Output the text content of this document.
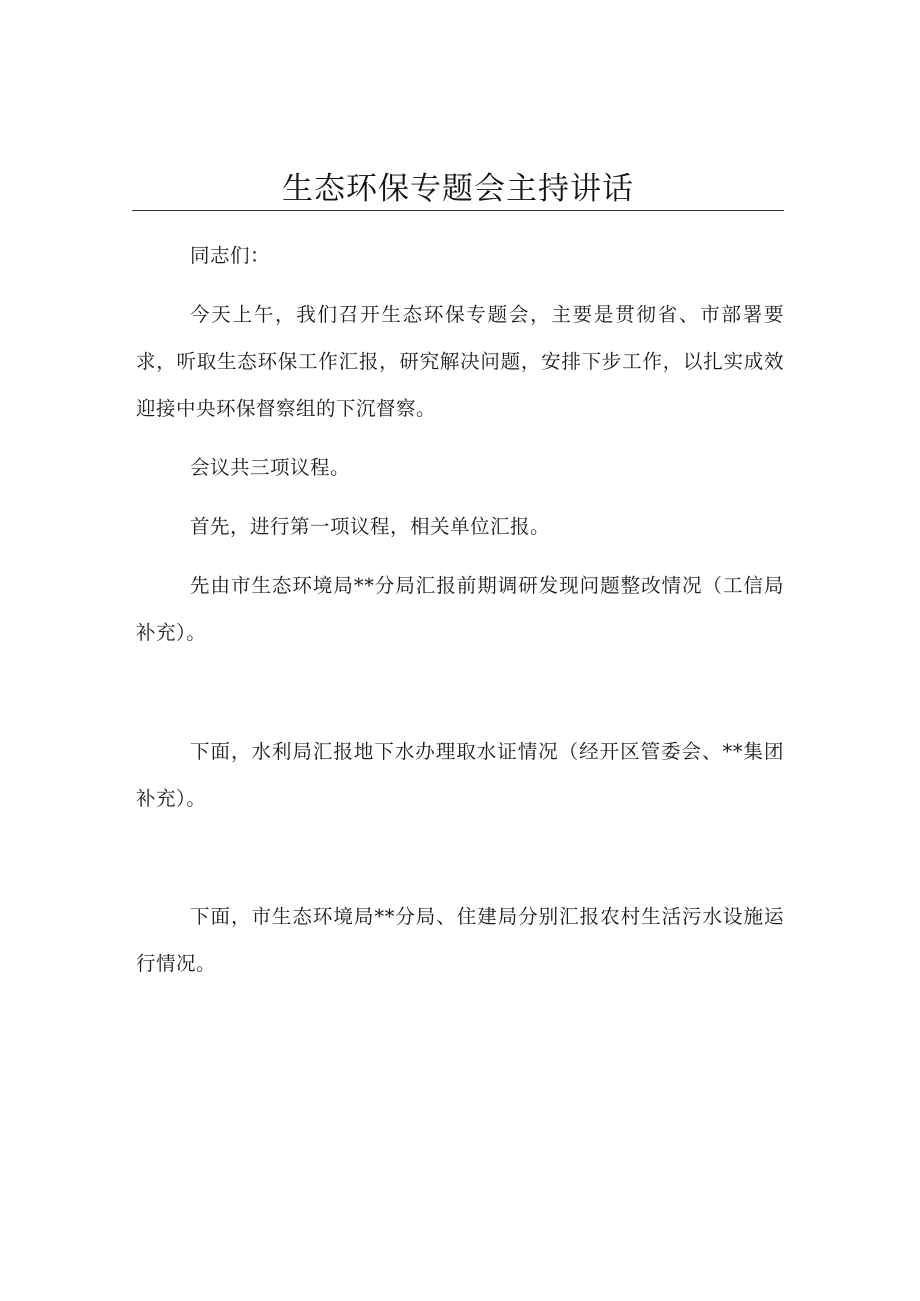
生态环保专题会主持讲话

同志们：

今天上午，我们召开生态环保专题会，主要是贯彻省、市部署要求，听取生态环保工作汇报，研究解决问题，安排下步工作，以扎实成效迎接中央环保督察组的下沉督察。

会议共三项议程。

首先，进行第一项议程，相关单位汇报。

先由市生态环境局**分局汇报前期调研发现问题整改情况（工信局补充）。

下面，水利局汇报地下水办理取水证情况（经开区管委会、**集团补充）。

下面，市生态环境局**分局、住建局分别汇报农村生活污水设施运行情况。
